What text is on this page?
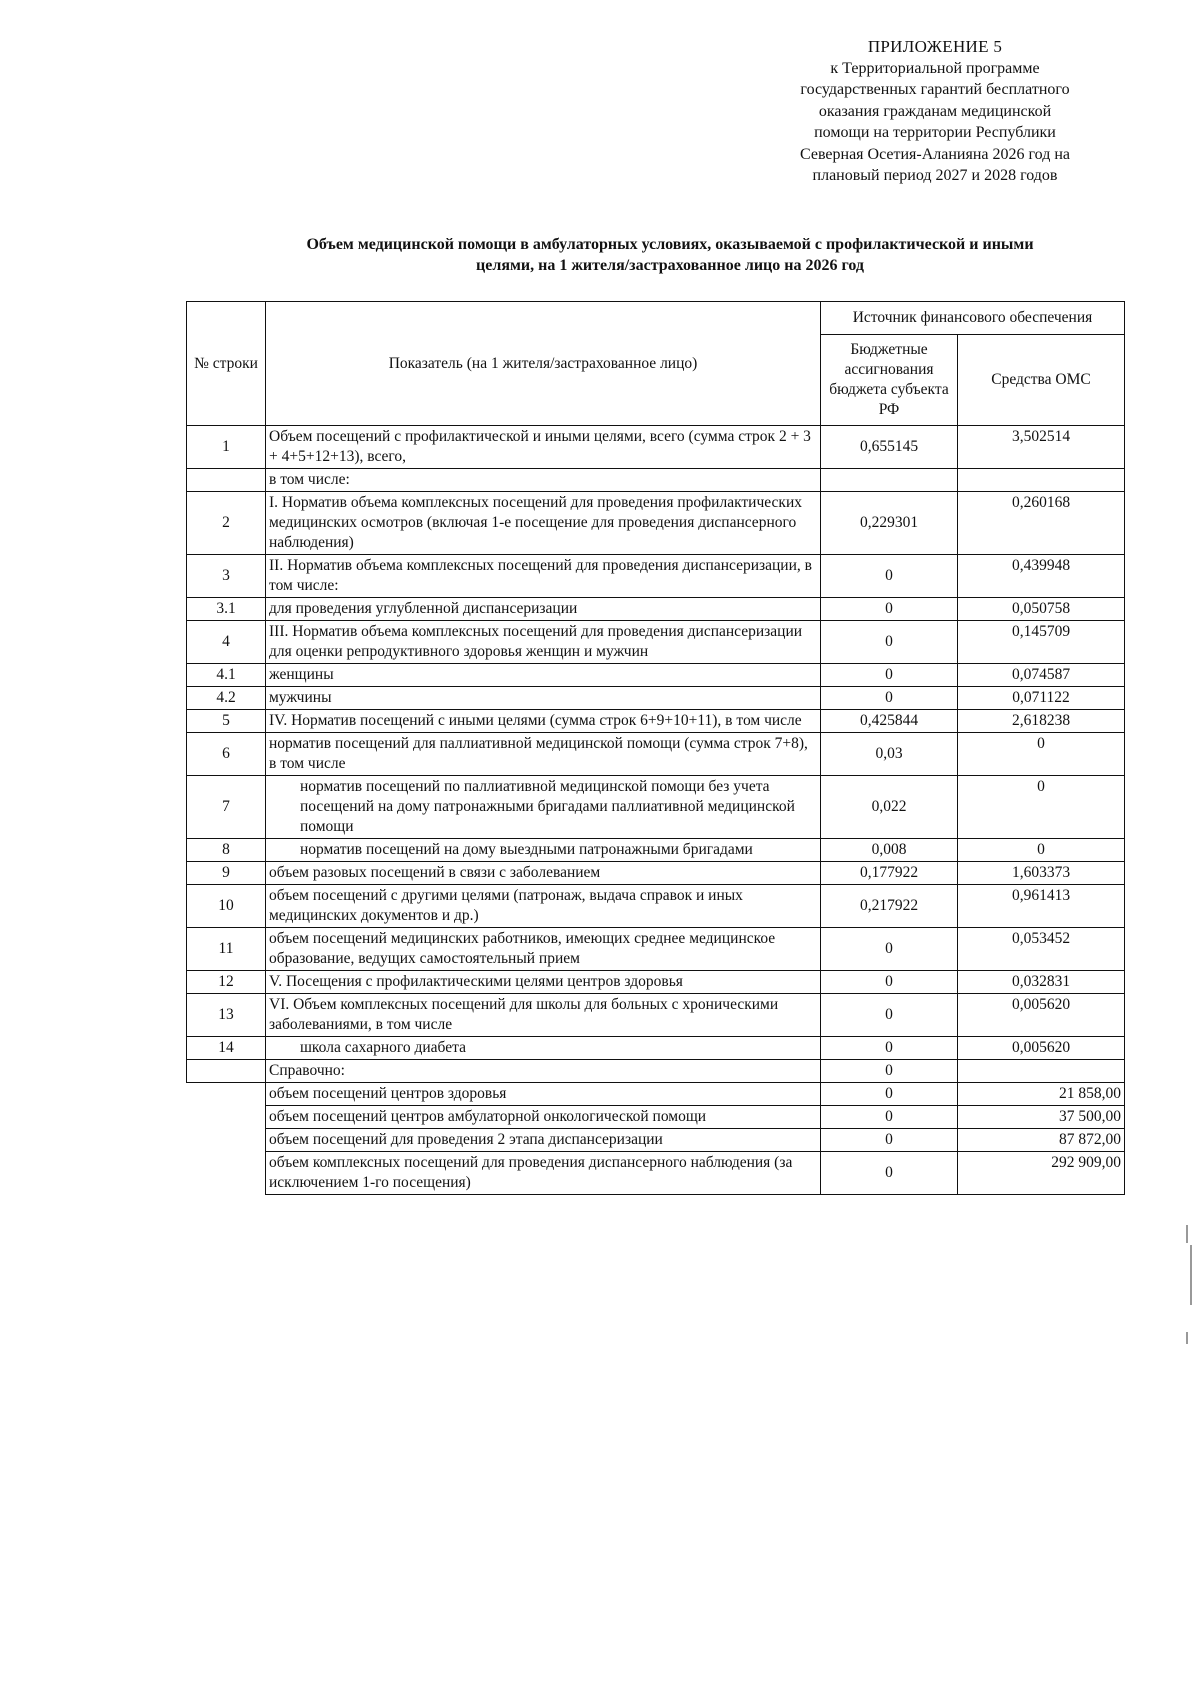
ПРИЛОЖЕНИЕ 5
к Территориальной программе
государственных гарантий бесплатного
оказания гражданам медицинской
помощи на территории Республики
Северная Осетия-Аланияна 2026 год на
плановый период 2027 и 2028 годов
Объем медицинской помощи в амбулаторных условиях, оказываемой с профилактической и иными
целями, на 1 жителя/застрахованное лицо на 2026 год
№ строки	Показатель (на 1 жителя/застрахованное лицо)	Источник финансового обеспечения	
		Бюджетные ассигнования бюджета субъекта РФ	Средства ОМС
1	Объем посещений с профилактической и иными целями, всего (сумма строк 2 + 3 + 4+5+12+13), всего,	0,655145	3,502514
	в том числе:		
2	I. Норматив объема комплексных посещений для проведения профилактических медицинских осмотров (включая 1-е посещение для проведения диспансерного наблюдения)	0,229301	0,260168
3	II. Норматив объема комплексных посещений для проведения диспансеризации, в том числе:	0	0,439948
3.1	для проведения углубленной диспансеризации	0	0,050758
4	III. Норматив объема комплексных посещений для проведения диспансеризации для оценки репродуктивного здоровья женщин и мужчин	0	0,145709
4.1	женщины	0	0,074587
4.2	мужчины	0	0,071122
5	IV. Норматив посещений с иными целями (сумма строк 6+9+10+11), в том числе	0,425844	2,618238
6	норматив посещений для паллиативной медицинской помощи (сумма строк 7+8), в том числе	0,03	0
7	норматив посещений по паллиативной медицинской помощи без учета посещений на дому патронажными бригадами паллиативной медицинской помощи	0,022	0
8	норматив посещений на дому выездными патронажными бригадами	0,008	0
9	объем разовых посещений в связи с заболеванием	0,177922	1,603373
10	объем посещений с другими целями (патронаж, выдача справок и иных медицинских документов и др.)	0,217922	0,961413
11	объем посещений медицинских работников, имеющих среднее медицинское образование, ведущих самостоятельный прием	0	0,053452
12	V. Посещения с профилактическими целями центров здоровья	0	0,032831
13	VI. Объем комплексных посещений для школы для больных с хроническими заболеваниями, в том числе	0	0,005620
14	школа сахарного диабета	0	0,005620
	Справочно:	0	
	объем посещений центров здоровья	0	21 858,00
	объем посещений центров амбулаторной онкологической помощи	0	37 500,00
	объем посещений для проведения 2 этапа диспансеризации	0	87 872,00
	объем комплексных посещений для проведения диспансерного наблюдения (за исключением 1-го посещения)	0	292 909,00
